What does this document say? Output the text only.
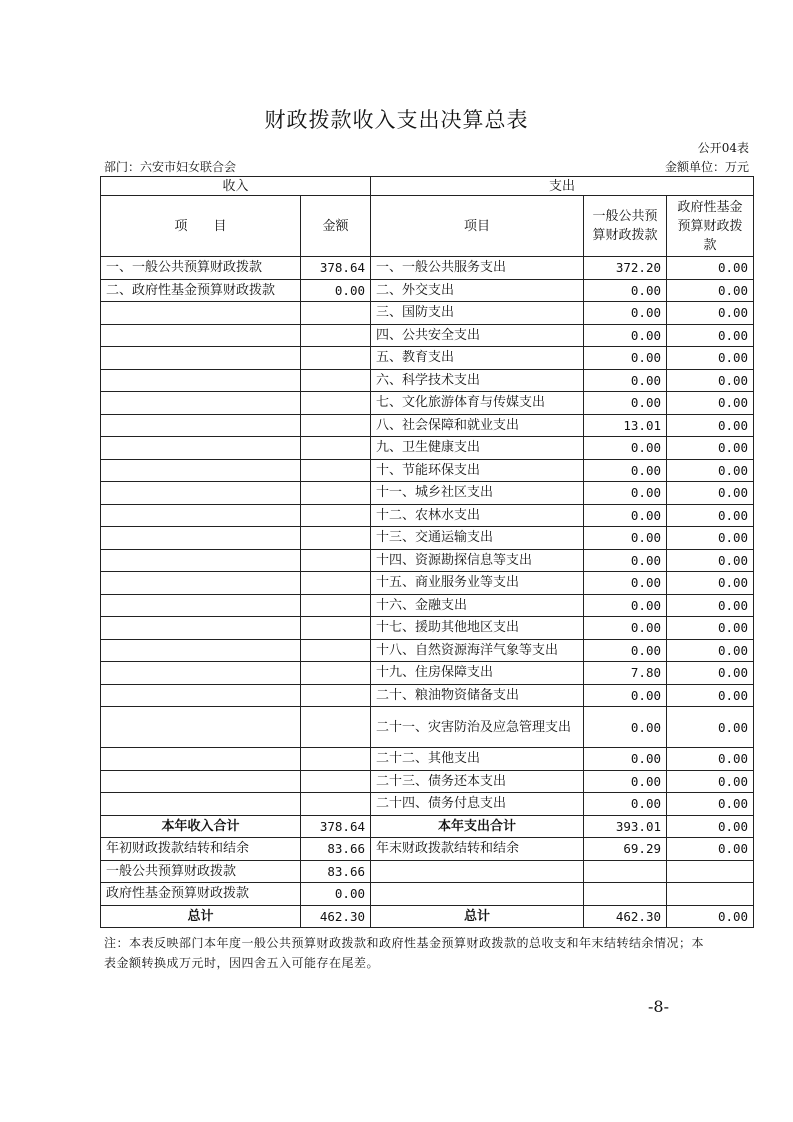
财政拨款收入支出决算总表
公开04表
部门：六安市妇女联合会	金额单位：万元
收入		支出		
项　　目	金额	项目	一般公共预算财政拨款	政府性基金预算财政拨款
一、一般公共预算财政拨款	378.64	一、一般公共服务支出	372.20	0.00
二、政府性基金预算财政拨款	0.00	二、外交支出	0.00	0.00
		三、国防支出	0.00	0.00
		四、公共安全支出	0.00	0.00
		五、教育支出	0.00	0.00
		六、科学技术支出	0.00	0.00
		七、文化旅游体育与传媒支出	0.00	0.00
		八、社会保障和就业支出	13.01	0.00
		九、卫生健康支出	0.00	0.00
		十、节能环保支出	0.00	0.00
		十一、城乡社区支出	0.00	0.00
		十二、农林水支出	0.00	0.00
		十三、交通运输支出	0.00	0.00
		十四、资源勘探信息等支出	0.00	0.00
		十五、商业服务业等支出	0.00	0.00
		十六、金融支出	0.00	0.00
		十七、援助其他地区支出	0.00	0.00
		十八、自然资源海洋气象等支出	0.00	0.00
		十九、住房保障支出	7.80	0.00
		二十、粮油物资储备支出	0.00	0.00
		二十一、灾害防治及应急管理支出	0.00	0.00
		二十二、其他支出	0.00	0.00
		二十三、债务还本支出	0.00	0.00
		二十四、债务付息支出	0.00	0.00
本年收入合计	378.64	本年支出合计	393.01	0.00
年初财政拨款结转和结余	83.66	年末财政拨款结转和结余	69.29	0.00
一般公共预算财政拨款	83.66			
政府性基金预算财政拨款	0.00			
总计	462.30	总计	462.30	0.00
注：本表反映部门本年度一般公共预算财政拨款和政府性基金预算财政拨款的总收支和年末结转结余情况；本表金额转换成万元时，因四舍五入可能存在尾差。
-8-
